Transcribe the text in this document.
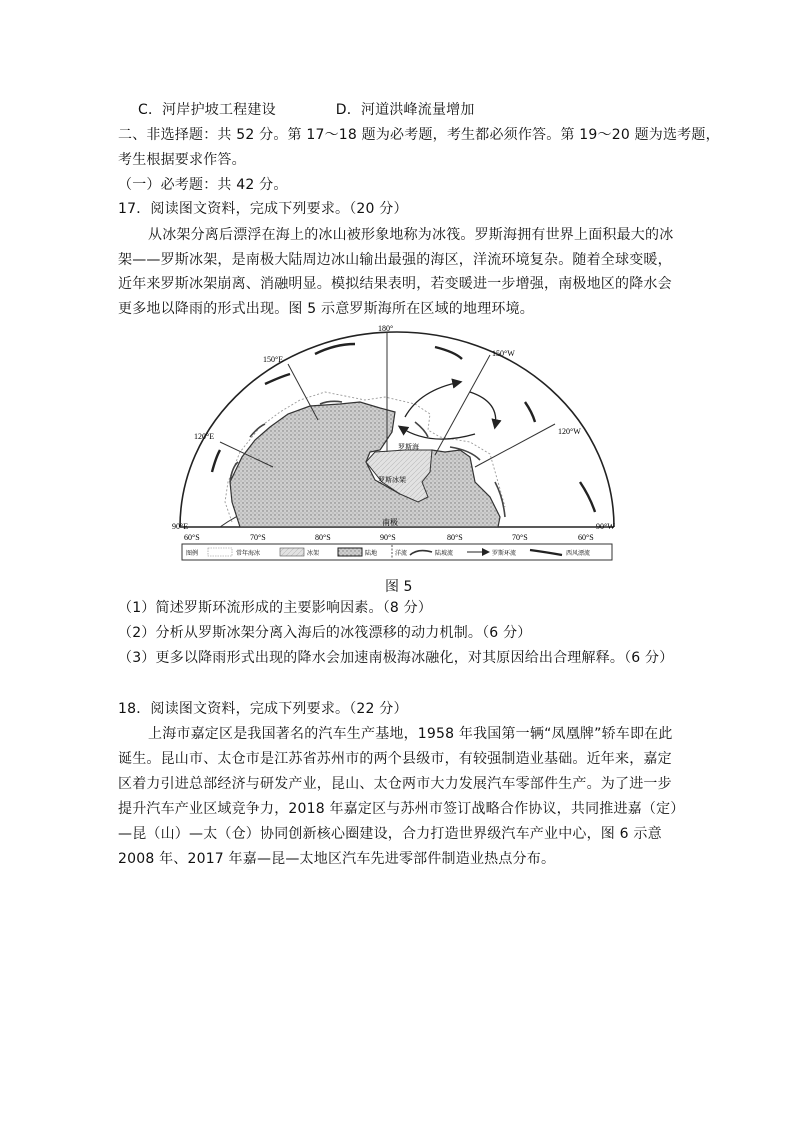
C．河岸护坡工程建设	D．河道洪峰流量增加
二、非选择题：共 52 分。第 17～18 题为必考题，考生都必须作答。第 19～20 题为选考题，
考生根据要求作答。
（一）必考题：共 42 分。
17．阅读图文资料，完成下列要求。（20 分）
从冰架分离后漂浮在海上的冰山被形象地称为冰筏。罗斯海拥有世界上面积最大的冰
架——罗斯冰架，是南极大陆周边冰山输出最强的海区，洋流环境复杂。随着全球变暖，
近年来罗斯冰架崩离、消融明显。模拟结果表明，若变暖进一步增强，南极地区的降水会
更多地以降雨的形式出现。图 5 示意罗斯海所在区域的地理环境。
180°
150°E
120°E
90°E
150°W
120°W
90°W
60°S	70°S	80°S	90°S	80°S	70°S	60°S
罗斯海
罗斯冰架
南极
图例	常年海冰	冰架	陆地	洋流	陆坡流	罗斯环流	西风漂流
图 5
（1）简述罗斯环流形成的主要影响因素。（8 分）
（2）分析从罗斯冰架分离入海后的冰筏漂移的动力机制。（6 分）
（3）更多以降雨形式出现的降水会加速南极海冰融化，对其原因给出合理解释。（6 分）
18．阅读图文资料，完成下列要求。（22 分）
上海市嘉定区是我国著名的汽车生产基地，1958 年我国第一辆“凤凰牌”轿车即在此
诞生。昆山市、太仓市是江苏省苏州市的两个县级市，有较强制造业基础。近年来，嘉定
区着力引进总部经济与研发产业，昆山、太仓两市大力发展汽车零部件生产。为了进一步
提升汽车产业区域竞争力，2018 年嘉定区与苏州市签订战略合作协议，共同推进嘉（定）
—昆（山）—太（仓）协同创新核心圈建设，合力打造世界级汽车产业中心，图 6 示意
2008 年、2017 年嘉—昆—太地区汽车先进零部件制造业热点分布。
